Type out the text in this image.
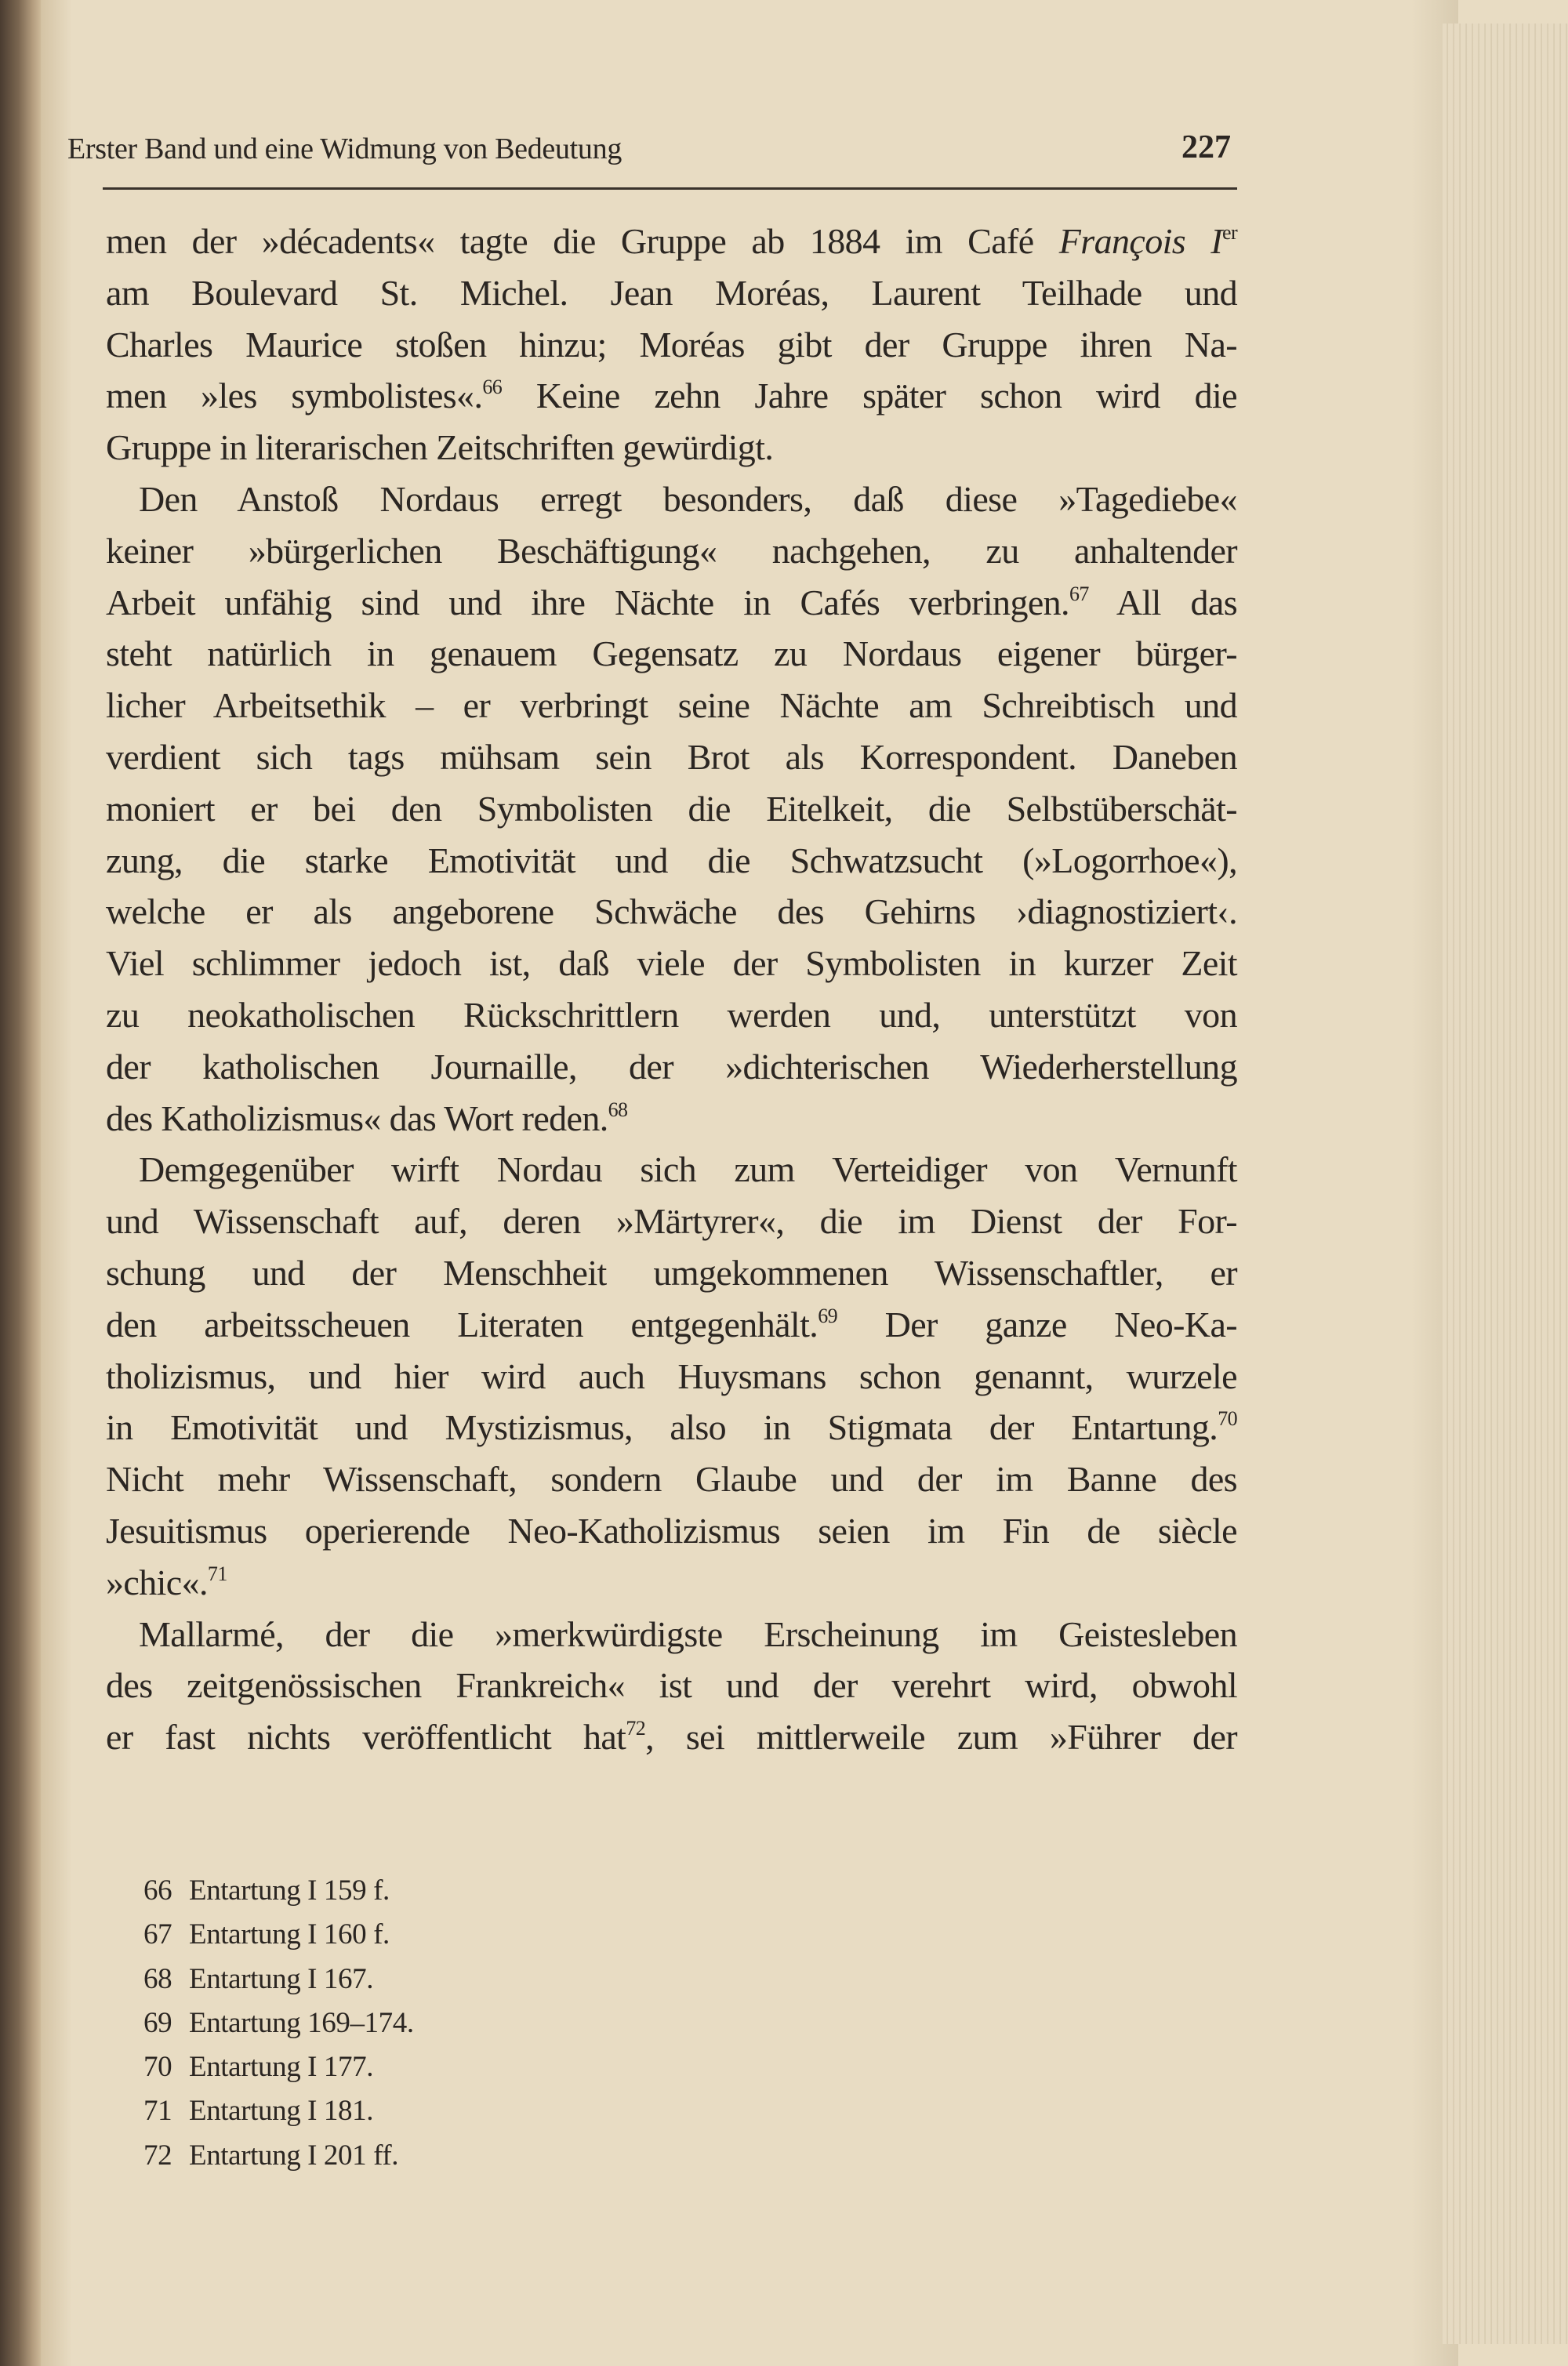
Erster Band und eine Widmung von Bedeutung	227
men der »décadents« tagte die Gruppe ab 1884 im Café François Ier
am Boulevard St. Michel. Jean Moréas, Laurent Teilhade und
Charles Maurice stoßen hinzu; Moréas gibt der Gruppe ihren Na-
men »les symbolistes«.$^{66}$ Keine zehn Jahre später schon wird die
Gruppe in literarischen Zeitschriften gewürdigt.
Den Anstoß Nordaus erregt besonders, daß diese »Tagediebe«
keiner »bürgerlichen Beschäftigung« nachgehen, zu anhaltender
Arbeit unfähig sind und ihre Nächte in Cafés verbringen.$^{67}$ All das
steht natürlich in genauem Gegensatz zu Nordaus eigener bürger-
licher Arbeitsethik – er verbringt seine Nächte am Schreibtisch und
verdient sich tags mühsam sein Brot als Korrespondent. Daneben
moniert er bei den Symbolisten die Eitelkeit, die Selbstüberschät-
zung, die starke Emotivität und die Schwatzsucht (»Logorrhoe«),
welche er als angeborene Schwäche des Gehirns ›diagnostiziert‹.
Viel schlimmer jedoch ist, daß viele der Symbolisten in kurzer Zeit
zu neokatholischen Rückschrittlern werden und, unterstützt von
der katholischen Journaille, der »dichterischen Wiederherstellung
des Katholizismus« das Wort reden.$^{68}$
Demgegenüber wirft Nordau sich zum Verteidiger von Vernunft
und Wissenschaft auf, deren »Märtyrer«, die im Dienst der For-
schung und der Menschheit umgekommenen Wissenschaftler, er
den arbeitsscheuen Literaten entgegenhält.$^{69}$ Der ganze Neo-Ka-
tholizismus, und hier wird auch Huysmans schon genannt, wurzele
in Emotivität und Mystizismus, also in Stigmata der Entartung.$^{70}$
Nicht mehr Wissenschaft, sondern Glaube und der im Banne des
Jesuitismus operierende Neo-Katholizismus seien im Fin de siècle
»chic«.$^{71}$
Mallarmé, der die »merkwürdigste Erscheinung im Geistesleben
des zeitgenössischen Frankreich« ist und der verehrt wird, obwohl
er fast nichts veröffentlicht hat$^{72}$, sei mittlerweile zum »Führer der
66 Entartung I 159 f.
67 Entartung I 160 f.
68 Entartung I 167.
69 Entartung 169–174.
70 Entartung I 177.
71 Entartung I 181.
72 Entartung I 201 ff.
